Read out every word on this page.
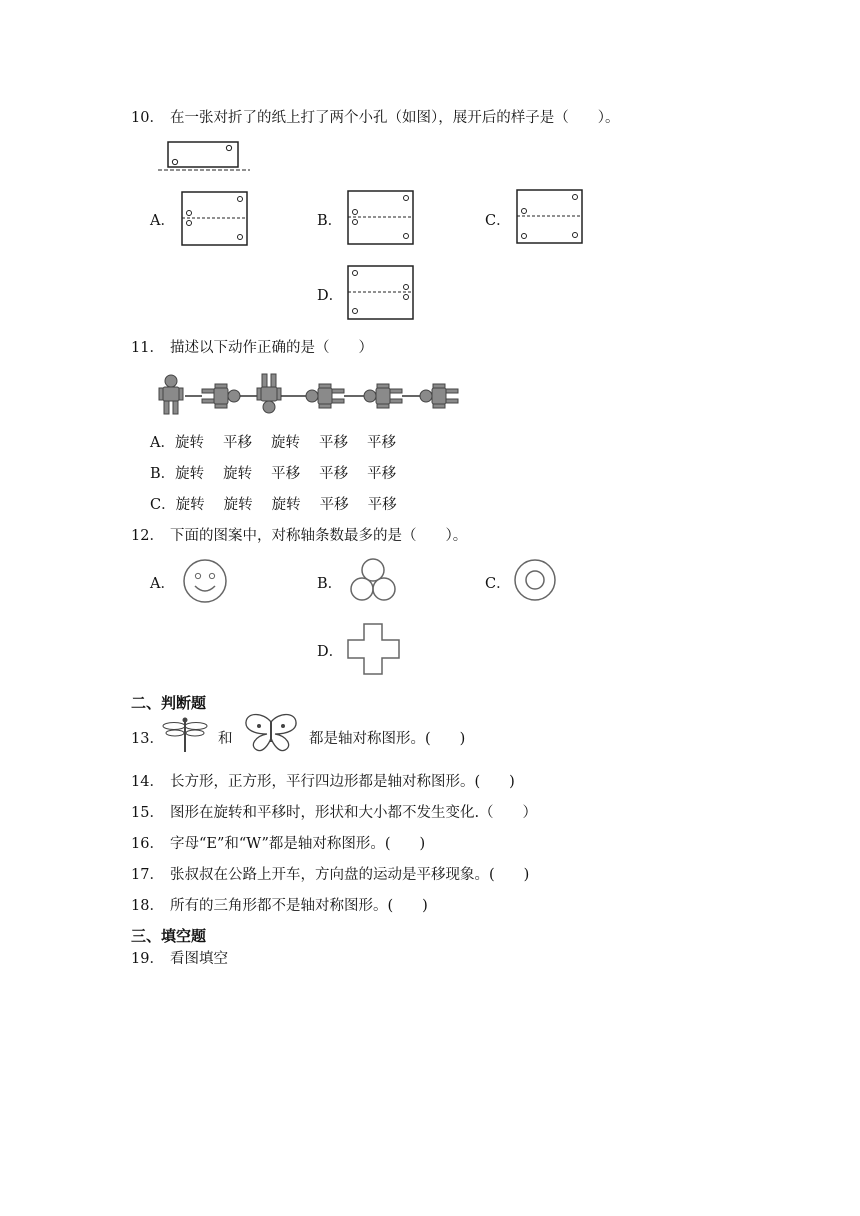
10． 在一张对折了的纸上打了两个小孔（如图），展开后的样子是（　　）。
A．	B．	C．
D．
11． 描述以下动作正确的是（　　）
A．旋转 平移 旋转 平移 平移
B．旋转 旋转 平移 平移 平移
C．旋转 旋转 旋转 平移 平移
12． 下面的图案中，对称轴条数最多的是（　　）。
A．	B．	C．
D．
二、判断题
13．	和	都是轴对称图形。(　　)
14． 长方形，正方形，平行四边形都是轴对称图形。(　　)
15． 图形在旋转和平移时，形状和大小都不发生变化.（　　）
16． 字母“E”和“W”都是轴对称图形。(　　)
17． 张叔叔在公路上开车，方向盘的运动是平移现象。(　　)
18． 所有的三角形都不是轴对称图形。(　　)
三、填空题
19． 看图填空
